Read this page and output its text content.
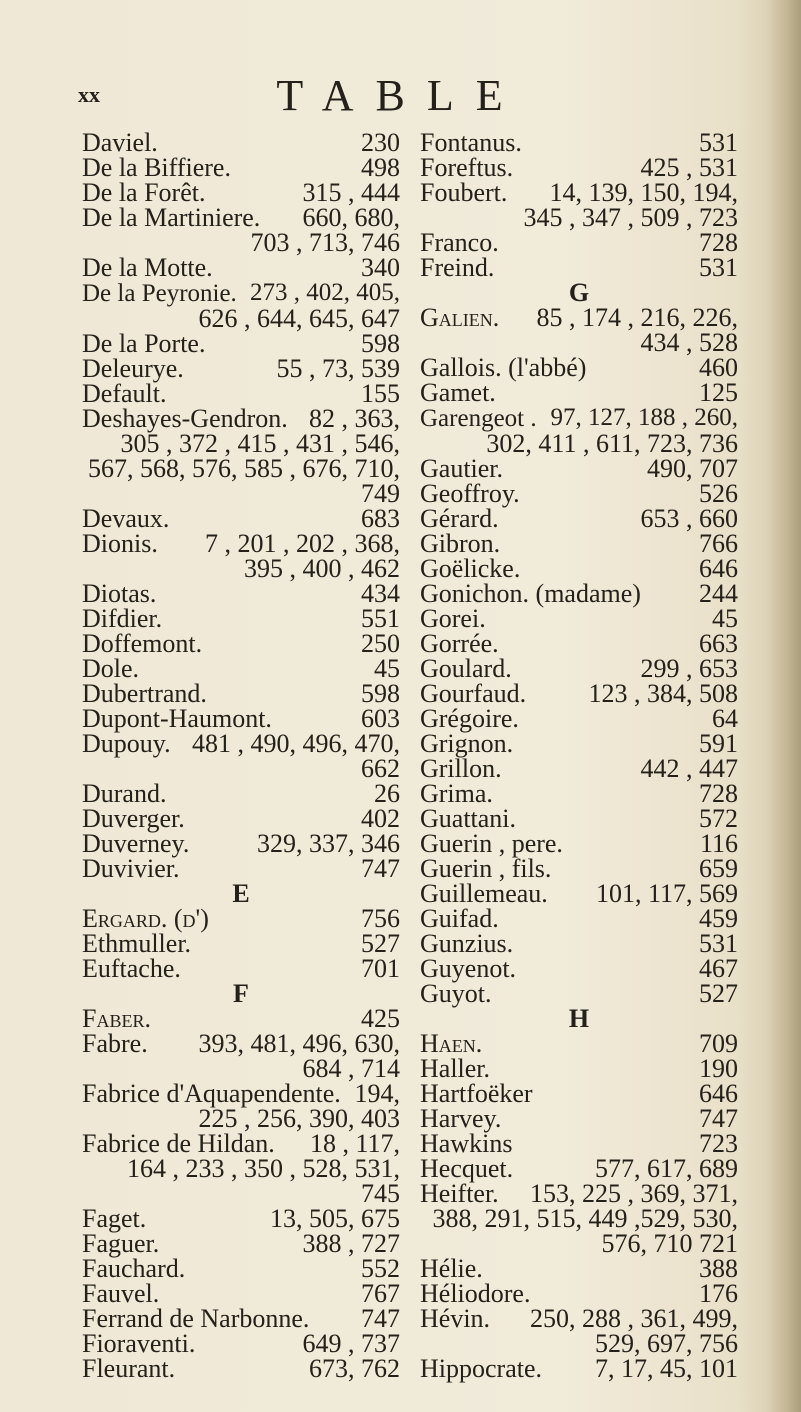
xx	TABLE
Daviel.	230
De la Biffiere.	498
De la Forêt.	315 , 444
De la Martiniere. 660, 680,
703 , 713, 746
De la Motte.	340
De la Peyronie. 273 , 402, 405,
626 , 644, 645, 647
De la Porte.	598
Deleurye.	55 , 73, 539
Default.	155
Deshayes-Gendron. 82 , 363,
305 , 372 , 415 , 431 , 546, 567, 568, 576, 585 , 676, 710, 749
Devaux.	683
Dionis. 7 , 201 , 202 , 368,
395 , 400 , 462
Diotas.	434
Difdier.	551
Doffemont.	250
Dole.	45
Dubertrand.	598
Dupont-Haumont.	603
Dupouy. 481 , 490, 496, 470,
662
Durand.	26
Duverger.	402
Duverney.	329, 337, 346
Duvivier.	747
E
Ergard. (d')	756
Ethmuller.	527
Euftache.	701
F
Faber.	425
Fabre. 393, 481, 496, 630,
684 , 714
Fabrice d'Aquapendente. 194,
225 , 256, 390, 403
Fabrice de Hildan. 18 , 117,
164 , 233 , 350 , 528, 531, 745
Faget.	13, 505, 675
Faguer.	388 , 727
Fauchard.	552
Fauvel.	767
Ferrand de Narbonne. 747
Fioraventi.	649 , 737
Fleurant.	673, 762
Fontanus.	531
Foreftus.	425 , 531
Foubert. 14, 139, 150, 194,
345 , 347 , 509 , 723
Franco.	728
Freind.	531
G
Galien. 85 , 174 , 216, 226,
434 , 528
Gallois. (l'abbé)	460
Gamet.	125
Garengeot . 97, 127, 188 , 260,
302, 411 , 611, 723, 736
Gautier.	490, 707
Geoffroy.	526
Gérard.	653 , 660
Gibron.	766
Goëlicke.	646
Gonichon. (madame) 244
Gorei.	45
Gorrée.	663
Goulard.	299 , 653
Gourfaud. 123 , 384, 508
Grégoire.	64
Grignon.	591
Grillon.	442 , 447
Grima.	728
Guattani.	572
Guerin , pere.	116
Guerin , fils.	659
Guillemeau. 101, 117, 569
Guifad.	459
Gunzius.	531
Guyenot.	467
Guyot.	527
H
Haen.	709
Haller.	190
Hartfoëker	646
Harvey.	747
Hawkins	723
Hecquet.	577, 617, 689
Heifter. 153, 225 , 369, 371,
388, 291, 515, 449 ,529, 530, 576, 710 721
Hélie.	388
Héliodore.	176
Hévin. 250, 288 , 361, 499,
529, 697, 756
Hippocrate. 7, 17, 45, 101
